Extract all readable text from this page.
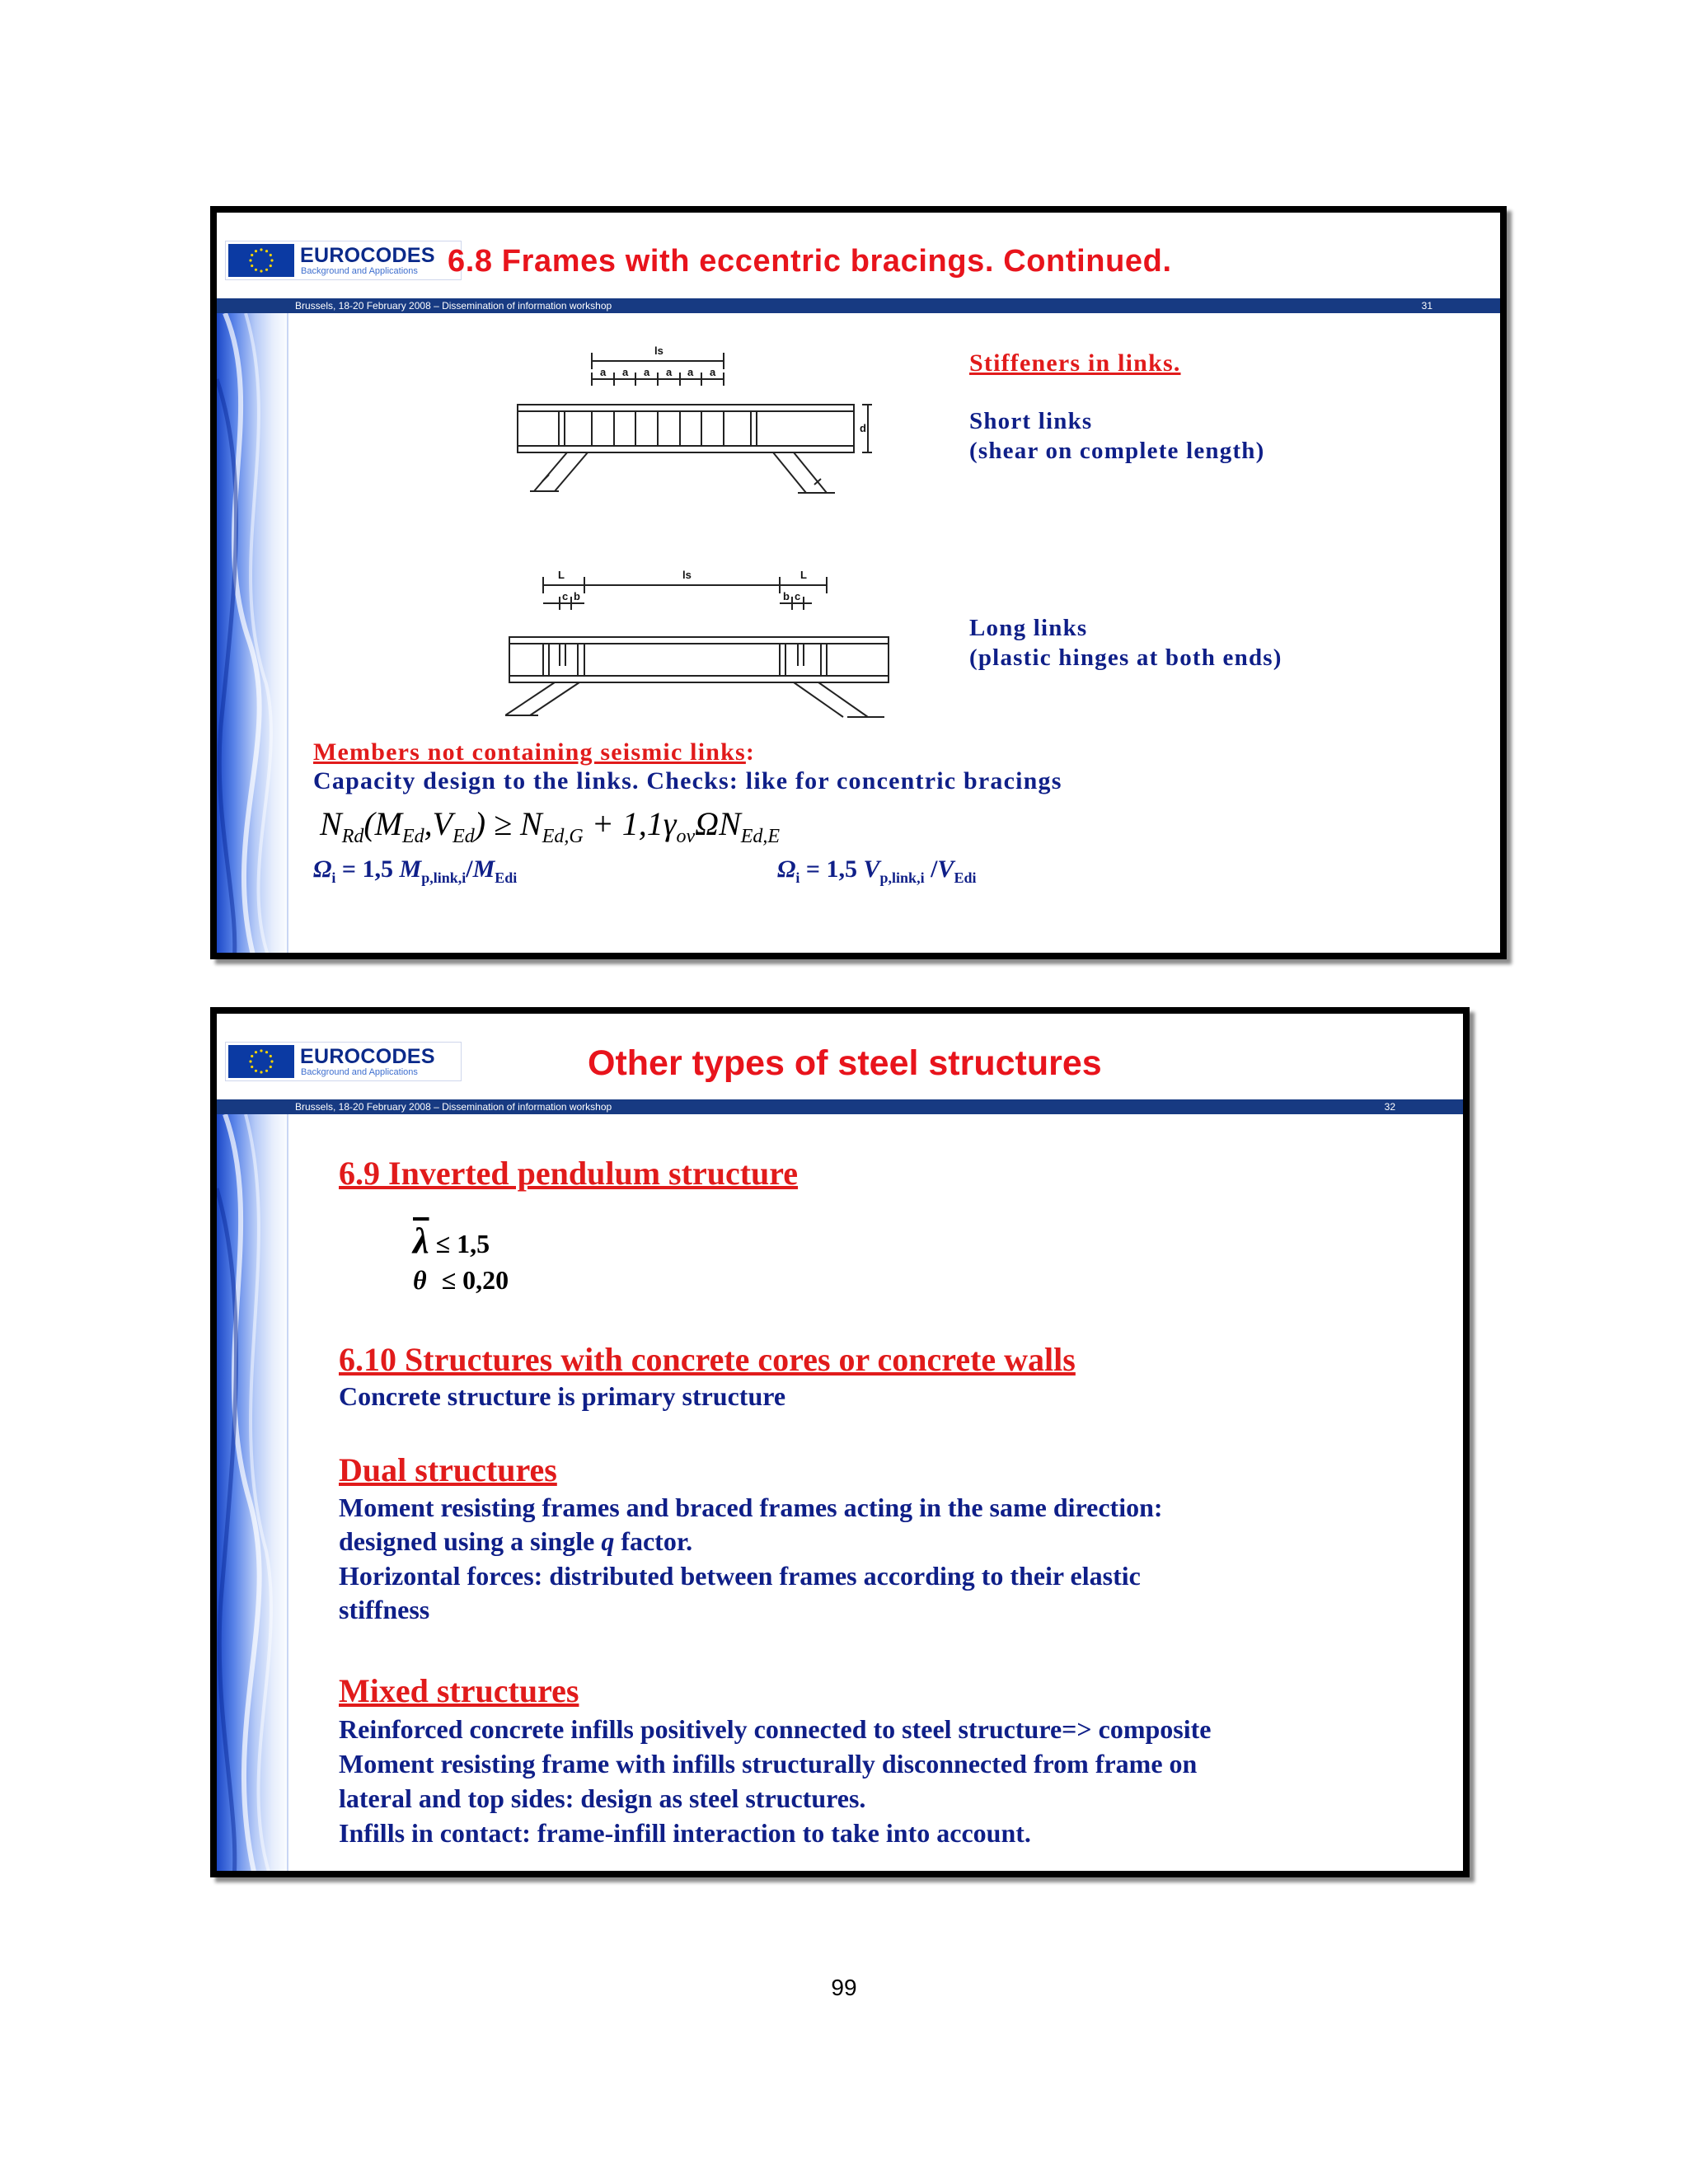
EUROCODES
Background and Applications 6.8 Frames with eccentric bracings. Continued.
Brussels, 18-20 February 2008 – Dissemination of information workshop	31
ls
a a a a a a
d
L	ls	L
c b	b c
Stiffeners in links.
Short links
(shear on complete length)
Long links
(plastic hinges at both ends)
Members not containing seismic links:
Capacity design to the links. Checks: like for concentric bracings
$N_{Rd}(M_{Ed},V_{Ed}) \ge N_{Ed,G} + 1,1\gamma_{ov}\Omega N_{Ed,E}$
$\Omega_i = 1,5$ $M_{p,link,i}/M_{Edi}$	$\Omega_i = 1,5$ $V_{p,link,i}$ $/V_{Edi}$
EUROCODES
Background and Applications	Other types of steel structures
Brussels, 18-20 February 2008 – Dissemination of information workshop	32
6.9 Inverted pendulum structure
$\overline{\lambda} \le 1,5$
θ ≤ 0,20
6.10 Structures with concrete cores or concrete walls
Concrete structure is primary structure
Dual structures
Moment resisting frames and braced frames acting in the same direction:
designed using a single q factor.
Horizontal forces: distributed between frames according to their elastic
stiffness
Mixed structures
Reinforced concrete infills positively connected to steel structure=> composite
Moment resisting frame with infills structurally disconnected from frame on
lateral and top sides: design as steel structures.
Infills in contact: frame-infill interaction to take into account.
99
